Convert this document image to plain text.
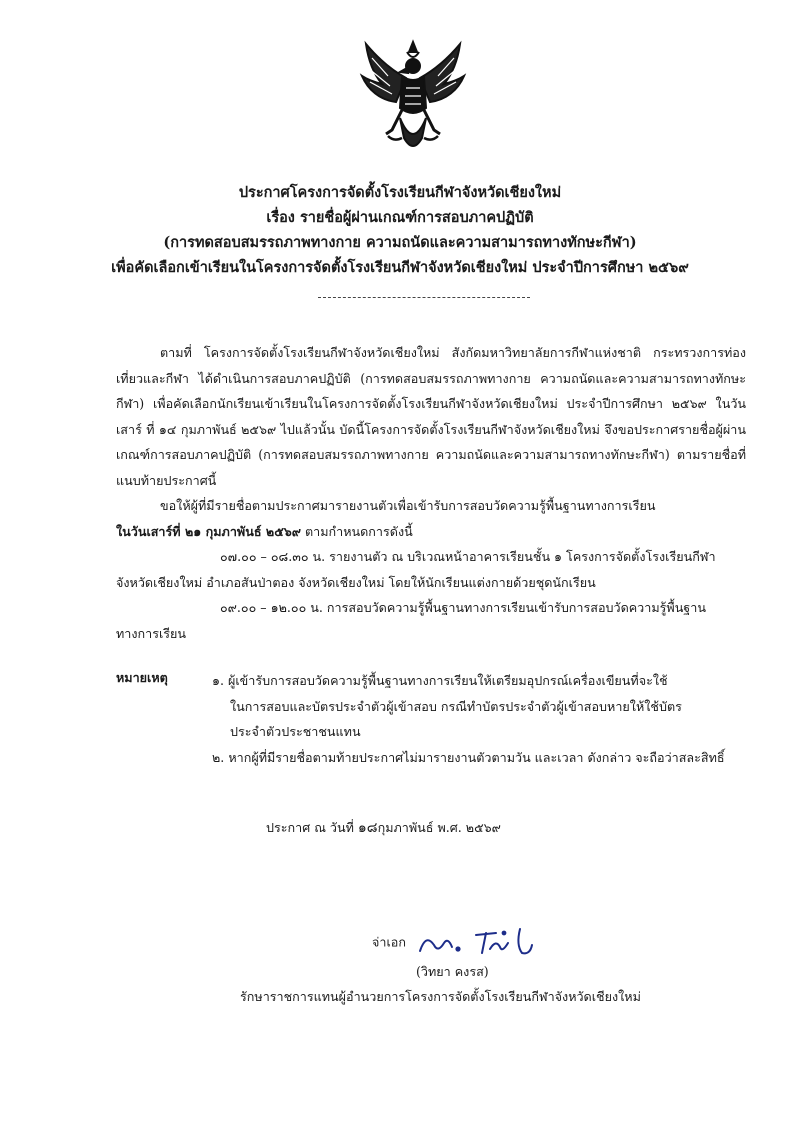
ประกาศโครงการจัดตั้งโรงเรียนกีฬาจังหวัดเชียงใหม่
เรื่อง รายชื่อผู้ผ่านเกณฑ์การสอบภาคปฏิบัติ
(การทดสอบสมรรถภาพทางกาย ความถนัดและความสามารถทางทักษะกีฬา)
เพื่อคัดเลือกเข้าเรียนในโครงการจัดตั้งโรงเรียนกีฬาจังหวัดเชียงใหม่ ประจำปีการศึกษา ๒๕๖๙
ตามที่ โครงการจัดตั้งโรงเรียนกีฬาจังหวัดเชียงใหม่ สังกัดมหาวิทยาลัยการกีฬาแห่งชาติ กระทรวงการท่องเที่ยวและกีฬา ได้ดำเนินการสอบภาคปฏิบัติ (การทดสอบสมรรถภาพทางกาย ความถนัดและความสามารถทางทักษะกีฬา) เพื่อคัดเลือกนักเรียนเข้าเรียนในโครงการจัดตั้งโรงเรียนกีฬาจังหวัดเชียงใหม่ ประจำปีการศึกษา ๒๕๖๙ ในวันเสาร์ ที่ ๑๔ กุมภาพันธ์ ๒๕๖๙ ไปแล้วนั้น บัดนี้โครงการจัดตั้งโรงเรียนกีฬาจังหวัดเชียงใหม่ จึงขอประกาศรายชื่อผู้ผ่านเกณฑ์การสอบภาคปฏิบัติ (การทดสอบสมรรถภาพทางกาย ความถนัดและความสามารถทางทักษะกีฬา) ตามรายชื่อที่แนบท้ายประกาศนี้
ขอให้ผู้ที่มีรายชื่อตามประกาศมารายงานตัวเพื่อเข้ารับการสอบวัดความรู้พื้นฐานทางการเรียน
ในวันเสาร์ที่ ๒๑ กุมภาพันธ์ ๒๕๖๙ ตามกำหนดการดังนี้
๐๗.๐๐ – ๐๘.๓๐ น. รายงานตัว ณ บริเวณหน้าอาคารเรียนชั้น ๑ โครงการจัดตั้งโรงเรียนกีฬา
จังหวัดเชียงใหม่ อำเภอสันป่าตอง จังหวัดเชียงใหม่ โดยให้นักเรียนแต่งกายด้วยชุดนักเรียน
๐๙.๐๐ – ๑๒.๐๐ น. การสอบวัดความรู้พื้นฐานทางการเรียนเข้ารับการสอบวัดความรู้พื้นฐาน
ทางการเรียน
หมายเหตุ	๑. ผู้เข้ารับการสอบวัดความรู้พื้นฐานทางการเรียนให้เตรียมอุปกรณ์เครื่องเขียนที่จะใช้
ในการสอบและบัตรประจำตัวผู้เข้าสอบ กรณีทำบัตรประจำตัวผู้เข้าสอบหายให้ใช้บัตร
ประจำตัวประชาชนแทน
๒. หากผู้ที่มีรายชื่อตามท้ายประกาศไม่มารายงานตัวตามวัน และเวลา ดังกล่าว จะถือว่าสละสิทธิ์
ประกาศ ณ วันที่ ๑๘กุมภาพันธ์ พ.ศ. ๒๕๖๙
จ่าเอก
(วิทยา คงรส)
รักษาราชการแทนผู้อำนวยการโครงการจัดตั้งโรงเรียนกีฬาจังหวัดเชียงใหม่
